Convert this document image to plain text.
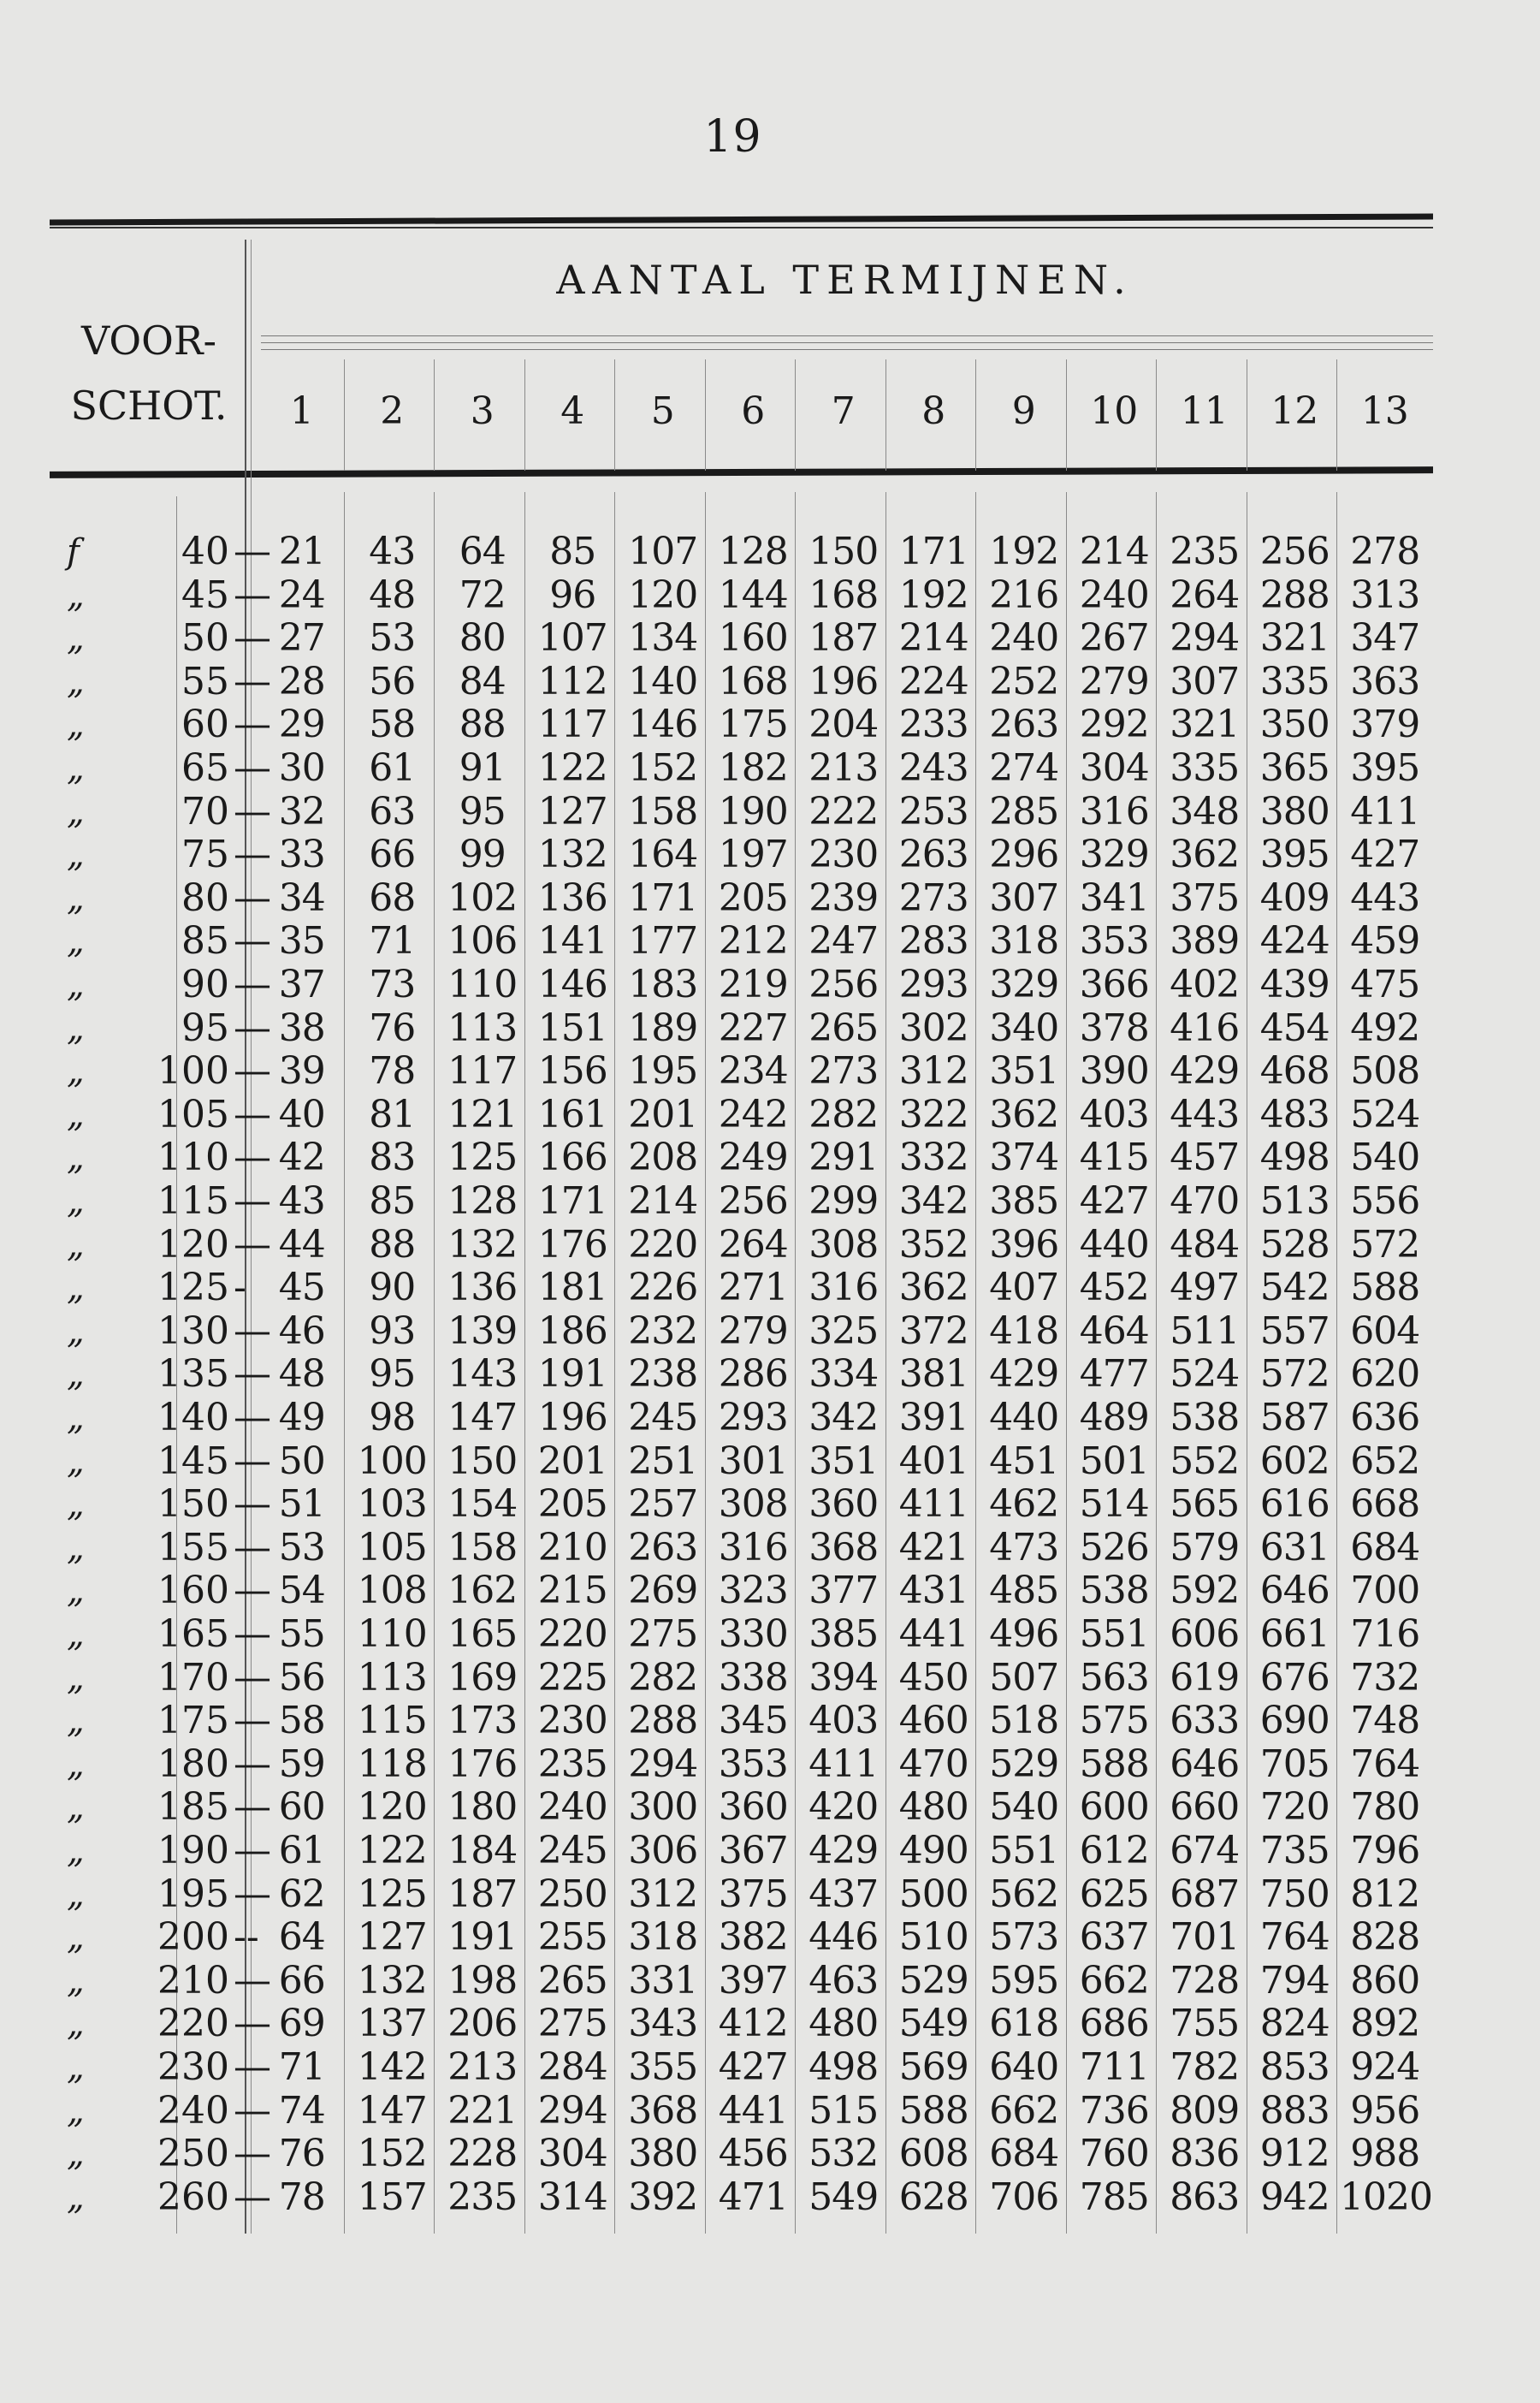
19
VOOR-
SCHOT.
AANTAL TERMIJNEN.
1	2	3	4	5	6	7	8	9	10	11	12	13
f	40 — 21	43	64	85 107 128 150 171 192 214 235 256 278
„	45 — 24	48	72	96 120 144 168 192 216 240 264 288 313
„	50 — 27	53	80 107 134 160 187 214 240 267 294 321 347
„	55 — 28	56	84 112 140 168 196 224 252 279 307 335 363
„	60 — 29	58	88 117 146 175 204 233 263 292 321 350 379
„	65 — 30	61	91 122 152 182 213 243 274 304 335 365 395
„	70 — 32	63	95 127 158 190 222 253 285 316 348 380 411
„	75 — 33	66	99 132 164 197 230 263 296 329 362 395 427
„	80 — 34	68 102 136 171 205 239 273 307 341 375 409 443
„	85 — 35	71 106 141 177 212 247 283 318 353 389 424 459
„	90 — 37	73 110 146 183 219 256 293 329 366 402 439 475
„	95 — 38	76 113 151 189 227 265 302 340 378 416 454 492
„	100 — 39	78 117 156 195 234 273 312 351 390 429 468 508
„	105 — 40	81 121 161 201 242 282 322 362 403 443 483 524
„	110 — 42	83 125 166 208 249 291 332 374 415 457 498 540
„	115 — 43	85 128 171 214 256 299 342 385 427 470 513 556
„	120 — 44	88 132 176 220 264 308 352 396 440 484 528 572
„	125 - 45	90 136 181 226 271 316 362 407 452 497 542 588
„	130 — 46	93 139 186 232 279 325 372 418 464 511 557 604
„	135 — 48	95 143 191 238 286 334 381 429 477 524 572 620
„	140 — 49	98 147 196 245 293 342 391 440 489 538 587 636
„	145 — 50 100 150 201 251 301 351 401 451 501 552 602 652
„	150 — 51 103 154 205 257 308 360 411 462 514 565 616 668
„	155 — 53 105 158 210 263 316 368 421 473 526 579 631 684
„	160 — 54 108 162 215 269 323 377 431 485 538 592 646 700
„	165 — 55 110 165 220 275 330 385 441 496 551 606 661 716
„	170 — 56 113 169 225 282 338 394 450 507 563 619 676 732
„	175 — 58 115 173 230 288 345 403 460 518 575 633 690 748
„	180 — 59 118 176 235 294 353 411 470 529 588 646 705 764
„	185 — 60 120 180 240 300 360 420 480 540 600 660 720 780
„	190 — 61 122 184 245 306 367 429 490 551 612 674 735 796
„	195 — 62 125 187 250 312 375 437 500 562 625 687 750 812
„	200 -- 64 127 191 255 318 382 446 510 573 637 701 764 828
„	210 — 66 132 198 265 331 397 463 529 595 662 728 794 860
„	220 — 69 137 206 275 343 412 480 549 618 686 755 824 892
„	230 — 71 142 213 284 355 427 498 569 640 711 782 853 924
„	240 — 74 147 221 294 368 441 515 588 662 736 809 883 956
„	250 — 76 152 228 304 380 456 532 608 684 760 836 912 988
„	260 — 78 157 235 314 392 471 549 628 706 785 863 942 1020
